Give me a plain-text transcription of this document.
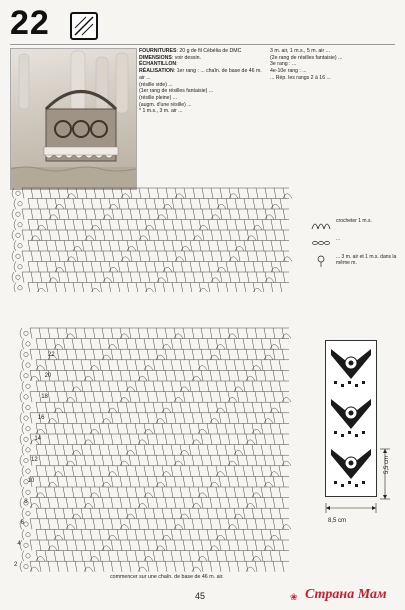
22
FOURNITURES: 20 g de fil Cébélia de DMC
DIMENSIONS: voir dessin.
ÉCHANTILLON:
RÉALISATION: 1er rang : ... chaîn. de base de 46 m. air ...
(résille vide) ...
(1er rang de résilles fantaisie) ...
(résille pleine) ...
(augm. d'une résille) ...
* 1 m.s., 3 m. air ...
3 m. air, 1 m.s., 5 m. air ...
(2e rang de résilles fantaisie) ...
3e rang : ...
4e-10e rang : ...
... Rép. les rangs 2 à 16 ...
22
20
18
16
14
12
10
8
6
4
2
commencer sur une chaîn. de base de 46 m. air.
crocheter 1 m.s.
...
... 3 m. air et 1 m.s. dans la même m.
8,5 cm
5,5 cm
45	❀ Страна Мам
